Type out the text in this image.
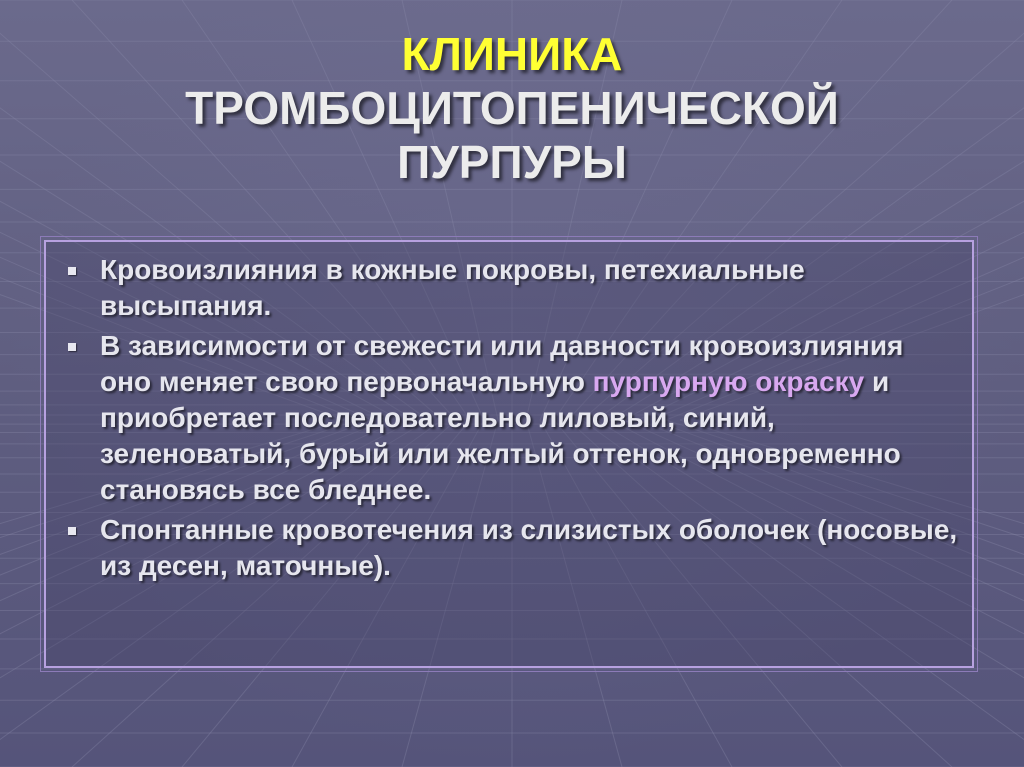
КЛИНИКА
ТРОМБОЦИТОПЕНИЧЕСКОЙ
ПУРПУРЫ
Кровоизлияния в кожные покровы, петехиальные высыпания.
В зависимости от свежести или давности кровоизлияния оно меняет свою первоначальную пурпурную окраску и приобретает последовательно лиловый, синий, зеленоватый, бурый или желтый оттенок, одновременно становясь все бледнее.
Спонтанные кровотечения из слизистых оболочек (носовые, из десен, маточные).
